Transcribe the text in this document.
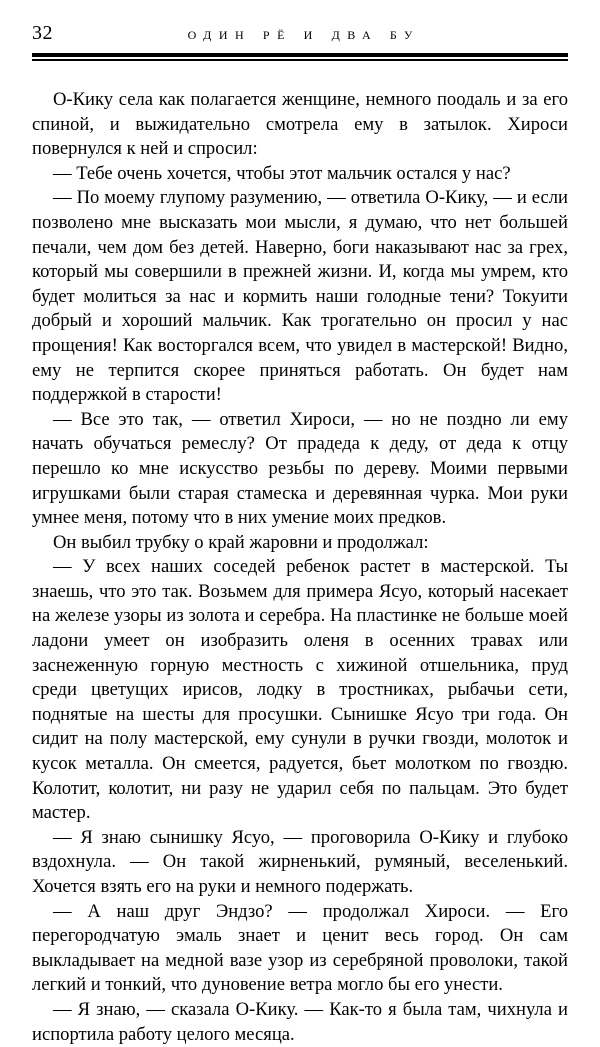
32	один рё и два бу

О-Кику села как полагается женщине, немного поодаль и за его спиной, и выжидательно смотрела ему в затылок. Хироси повернулся к ней и спросил:

— Тебе очень хочется, чтобы этот мальчик остался у нас?

— По моему глупому разумению, — ответила О-Кику, — и если позволено мне высказать мои мысли, я думаю, что нет большей печали, чем дом без детей. Наверно, боги наказывают нас за грех, который мы совершили в прежней жизни. И, когда мы умрем, кто будет молиться за нас и кормить наши голодные тени? Токуити добрый и хороший мальчик. Как трогательно он просил у нас прощения! Как восторгался всем, что увидел в мастерской! Видно, ему не терпится скорее приняться работать. Он будет нам поддержкой в старости!

— Все это так, — ответил Хироси, — но не поздно ли ему начать обучаться ремеслу? От прадеда к деду, от деда к отцу перешло ко мне искусство резьбы по дереву. Моими первыми игрушками были старая стамеска и деревянная чурка. Мои руки умнее меня, потому что в них умение моих предков.

Он выбил трубку о край жаровни и продолжал:

— У всех наших соседей ребенок растет в мастерской. Ты знаешь, что это так. Возьмем для примера Ясуо, который насекает на железе узоры из золота и серебра. На пластинке не больше моей ладони умеет он изобразить оленя в осенних травах или заснеженную горную местность с хижиной отшельника, пруд среди цветущих ирисов, лодку в тростниках, рыбачьи сети, поднятые на шесты для просушки. Сынишке Ясуо три года. Он сидит на полу мастерской, ему сунули в ручки гвозди, молоток и кусок металла. Он смеется, радуется, бьет молотком по гвоздю. Колотит, колотит, ни разу не ударил себя по пальцам. Это будет мастер.

— Я знаю сынишку Ясуо, — проговорила О-Кику и глубоко вздохнула. — Он такой жирненький, румяный, веселенький. Хочется взять его на руки и немного подержать.

— А наш друг Эндзо? — продолжал Хироси. — Его перегородчатую эмаль знает и ценит весь город. Он сам выкладывает на медной вазе узор из серебряной проволоки, такой легкий и тонкий, что дуновение ветра могло бы его унести.

— Я знаю, — сказала О-Кику. — Как-то я была там, чихнула и испортила работу целого месяца.
